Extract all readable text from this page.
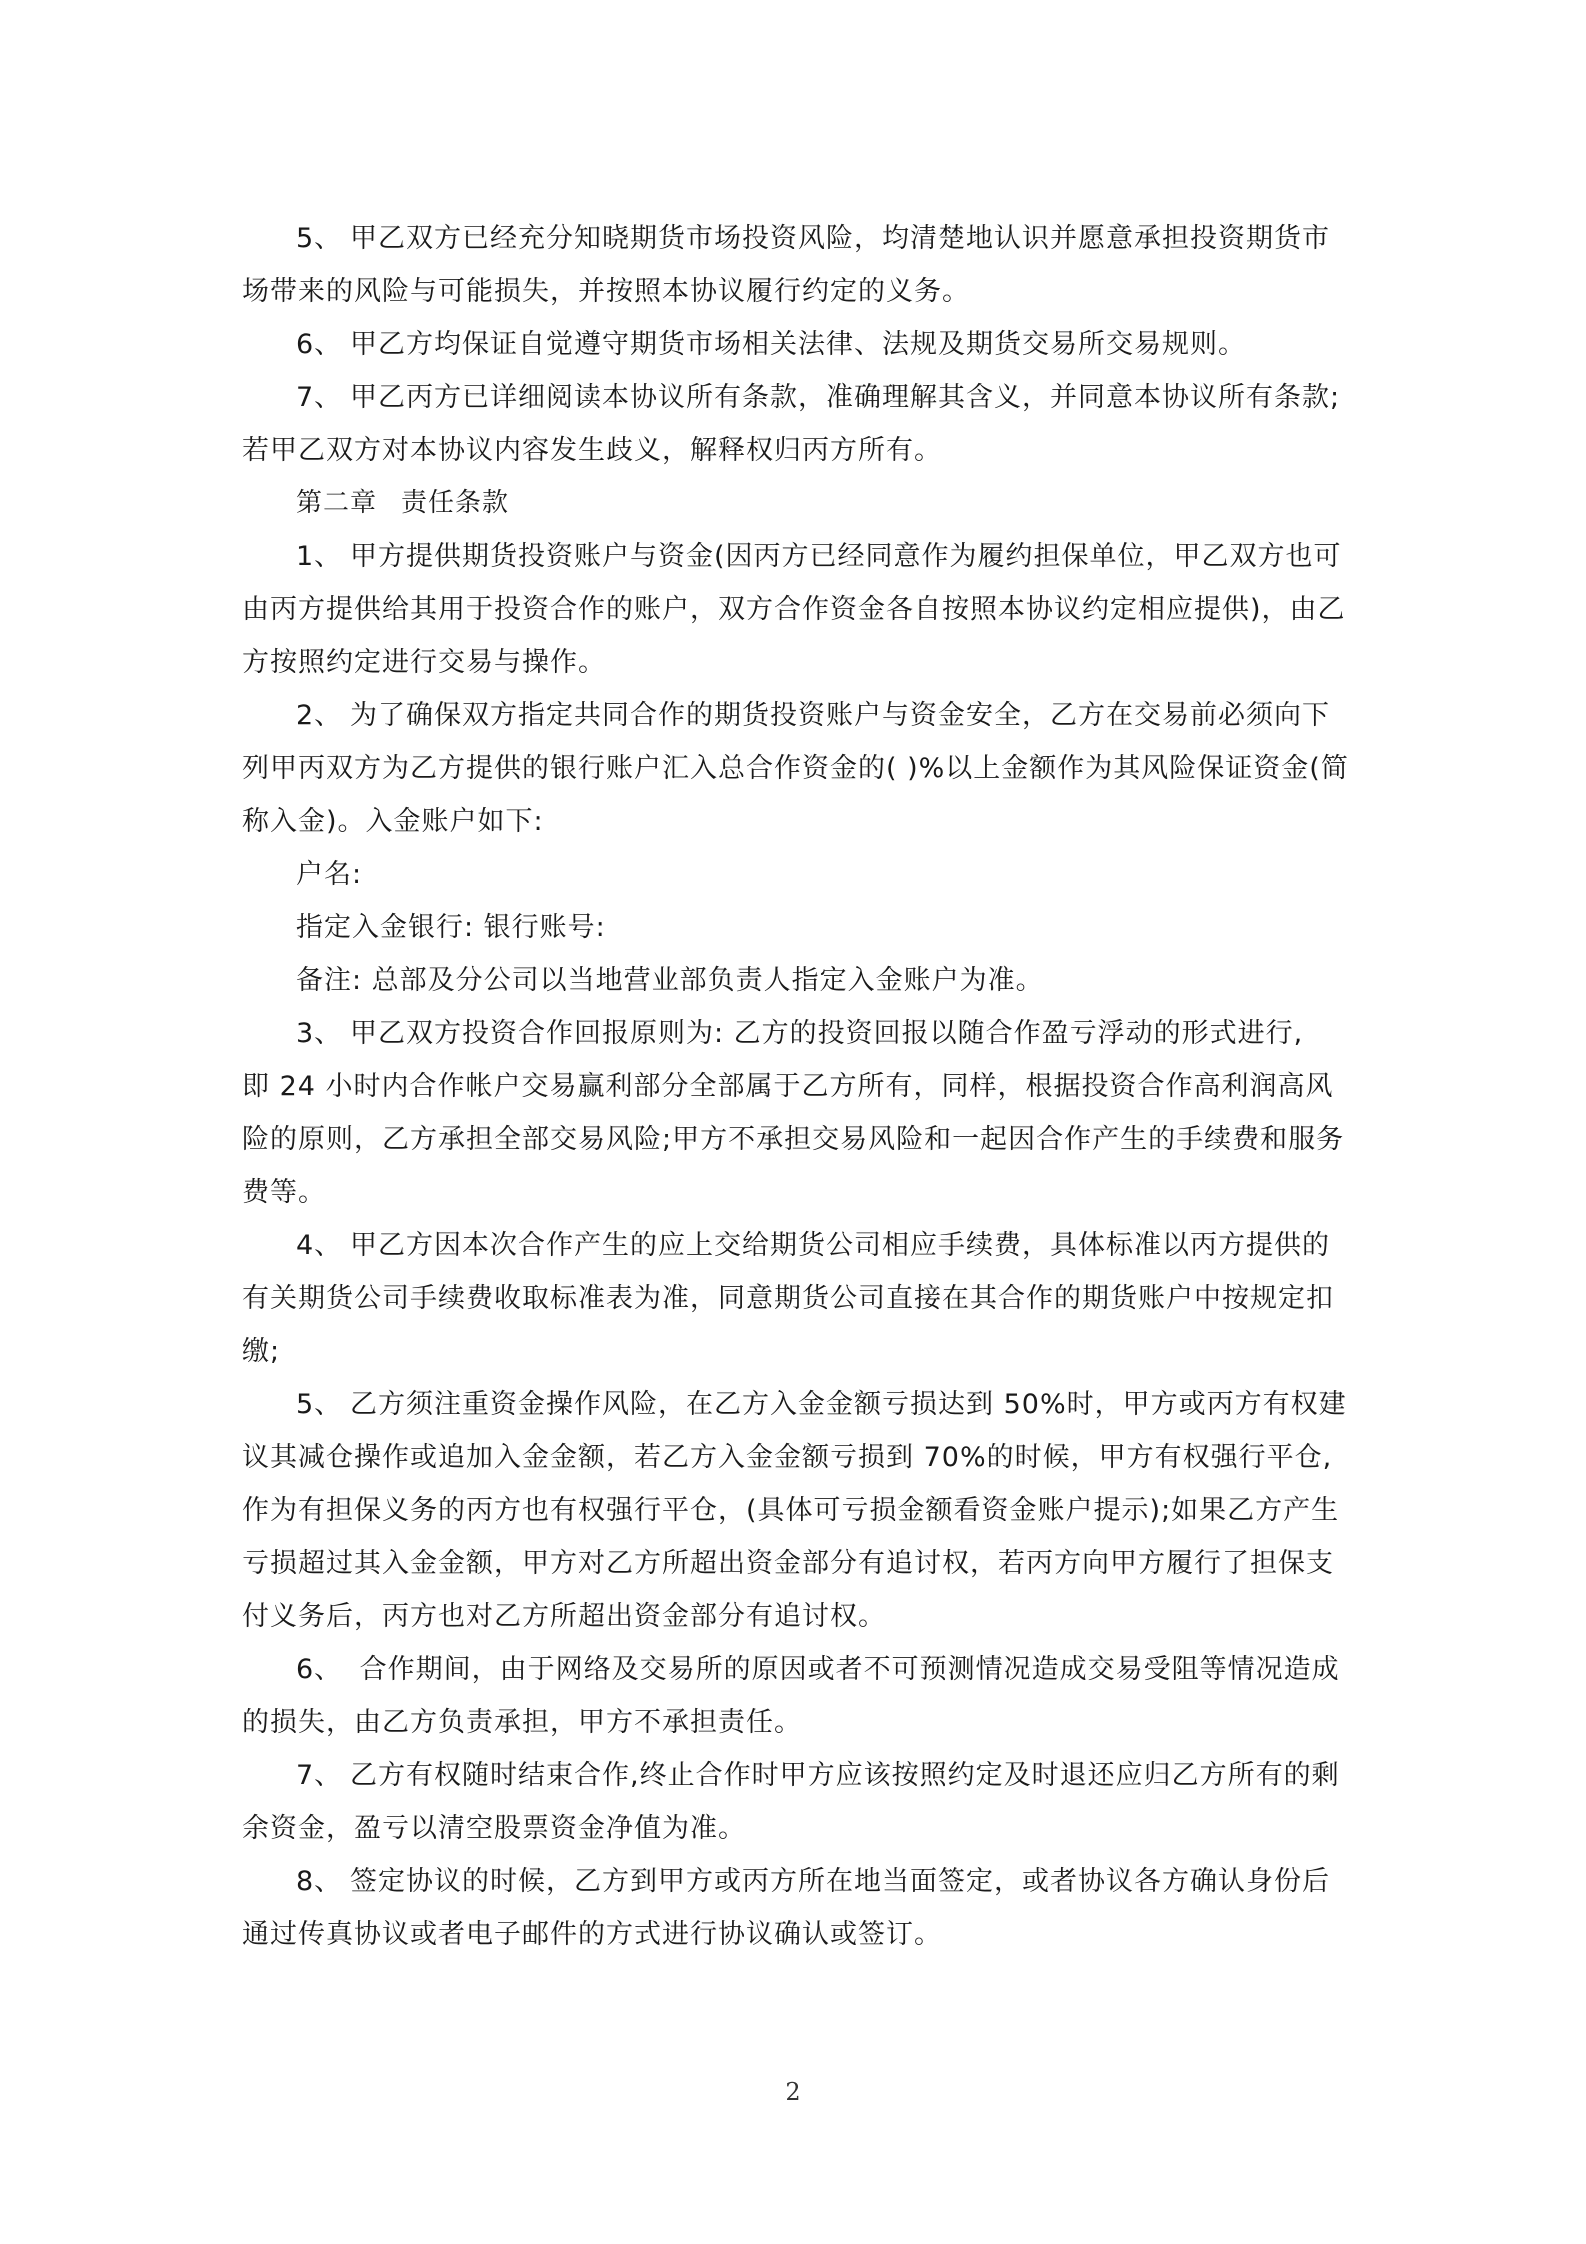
5、 甲乙双方已经充分知晓期货市场投资风险，均清楚地认识并愿意承担投资期货市
场带来的风险与可能损失，并按照本协议履行约定的义务。
6、 甲乙方均保证自觉遵守期货市场相关法律、法规及期货交易所交易规则。
7、 甲乙丙方已详细阅读本协议所有条款，准确理解其含义，并同意本协议所有条款;
若甲乙双方对本协议内容发生歧义，解释权归丙方所有。
第二章 责任条款
1、 甲方提供期货投资账户与资金(因丙方已经同意作为履约担保单位，甲乙双方也可
由丙方提供给其用于投资合作的账户，双方合作资金各自按照本协议约定相应提供)，由乙
方按照约定进行交易与操作。
2、 为了确保双方指定共同合作的期货投资账户与资金安全，乙方在交易前必须向下
列甲丙双方为乙方提供的银行账户汇入总合作资金的( )%以上金额作为其风险保证资金(简
称入金)。入金账户如下:
户名:
指定入金银行: 银行账号:
备注: 总部及分公司以当地营业部负责人指定入金账户为准。
3、 甲乙双方投资合作回报原则为: 乙方的投资回报以随合作盈亏浮动的形式进行,
即 24 小时内合作帐户交易赢利部分全部属于乙方所有，同样，根据投资合作高利润高风
险的原则，乙方承担全部交易风险;甲方不承担交易风险和一起因合作产生的手续费和服务
费等。
4、 甲乙方因本次合作产生的应上交给期货公司相应手续费，具体标准以丙方提供的
有关期货公司手续费收取标准表为准，同意期货公司直接在其合作的期货账户中按规定扣
缴;
5、 乙方须注重资金操作风险，在乙方入金金额亏损达到 50%时，甲方或丙方有权建
议其减仓操作或追加入金金额，若乙方入金金额亏损到 70%的时候，甲方有权强行平仓,
作为有担保义务的丙方也有权强行平仓，(具体可亏损金额看资金账户提示);如果乙方产生
亏损超过其入金金额，甲方对乙方所超出资金部分有追讨权，若丙方向甲方履行了担保支
付义务后，丙方也对乙方所超出资金部分有追讨权。
6、 合作期间，由于网络及交易所的原因或者不可预测情况造成交易受阻等情况造成
的损失，由乙方负责承担，甲方不承担责任。
7、 乙方有权随时结束合作,终止合作时甲方应该按照约定及时退还应归乙方所有的剩
余资金，盈亏以清空股票资金净值为准。
8、 签定协议的时候，乙方到甲方或丙方所在地当面签定，或者协议各方确认身份后
通过传真协议或者电子邮件的方式进行协议确认或签订。
2
